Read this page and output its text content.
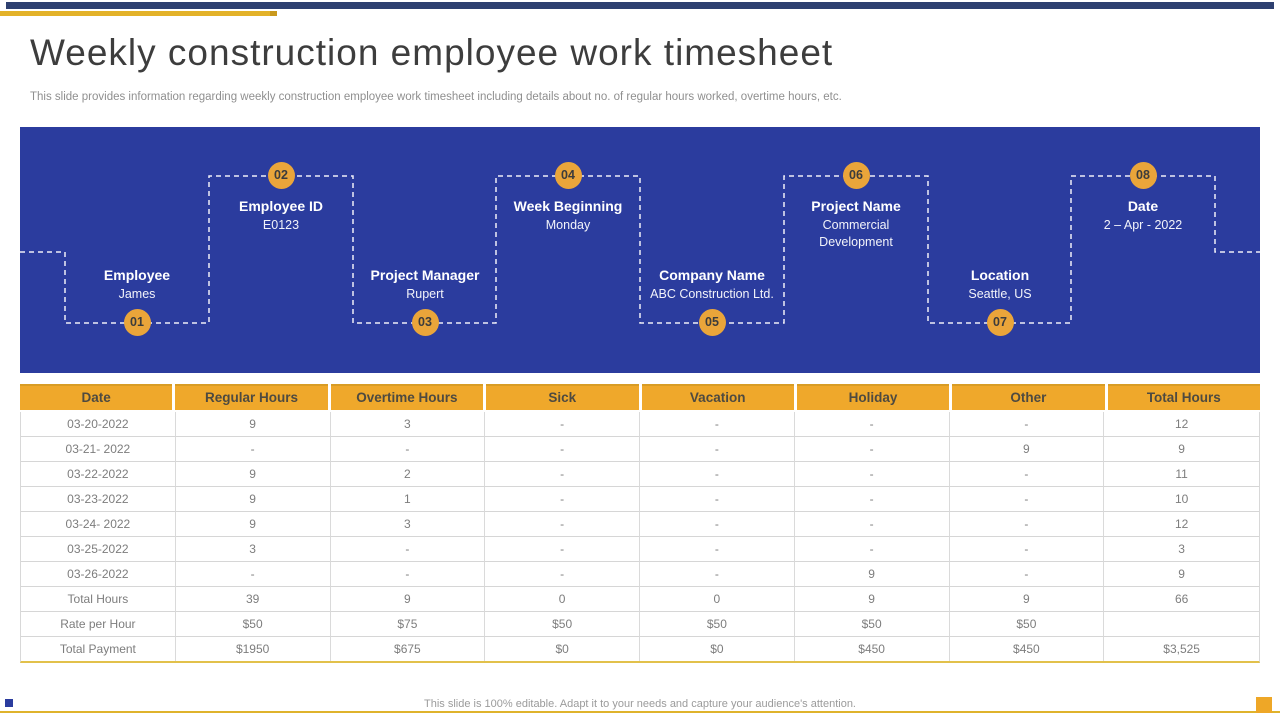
Weekly construction employee work timesheet
This slide provides information regarding weekly construction employee work timesheet including details about no. of regular hours worked, overtime hours, etc.
01
Employee
James
02
Employee ID
E0123
03
Project Manager
Rupert
04
Week Beginning
Monday
05
Company Name
ABC Construction Ltd.
06
Project Name
Commercial Development
07
Location
Seattle, US
08
Date
2 – Apr - 2022
Date	Regular Hours	Overtime Hours	Sick	Vacation	Holiday	Other	Total Hours
03-20-2022	9	3	-	-	-	-	12
03-21- 2022	-	-	-	-	-	9	9
03-22-2022	9	2	-	-	-	-	11
03-23-2022	9	1	-	-	-	-	10
03-24- 2022	9	3	-	-	-	-	12
03-25-2022	3	-	-	-	-	-	3
03-26-2022	-	-	-	-	9	-	9
Total Hours	39	9	0	0	9	9	66
Rate per Hour	$50	$75	$50	$50	$50	$50
Total Payment	$1950	$675	$0	$0	$450	$450	$3,525
This slide is 100% editable. Adapt it to your needs and capture your audience's attention.
